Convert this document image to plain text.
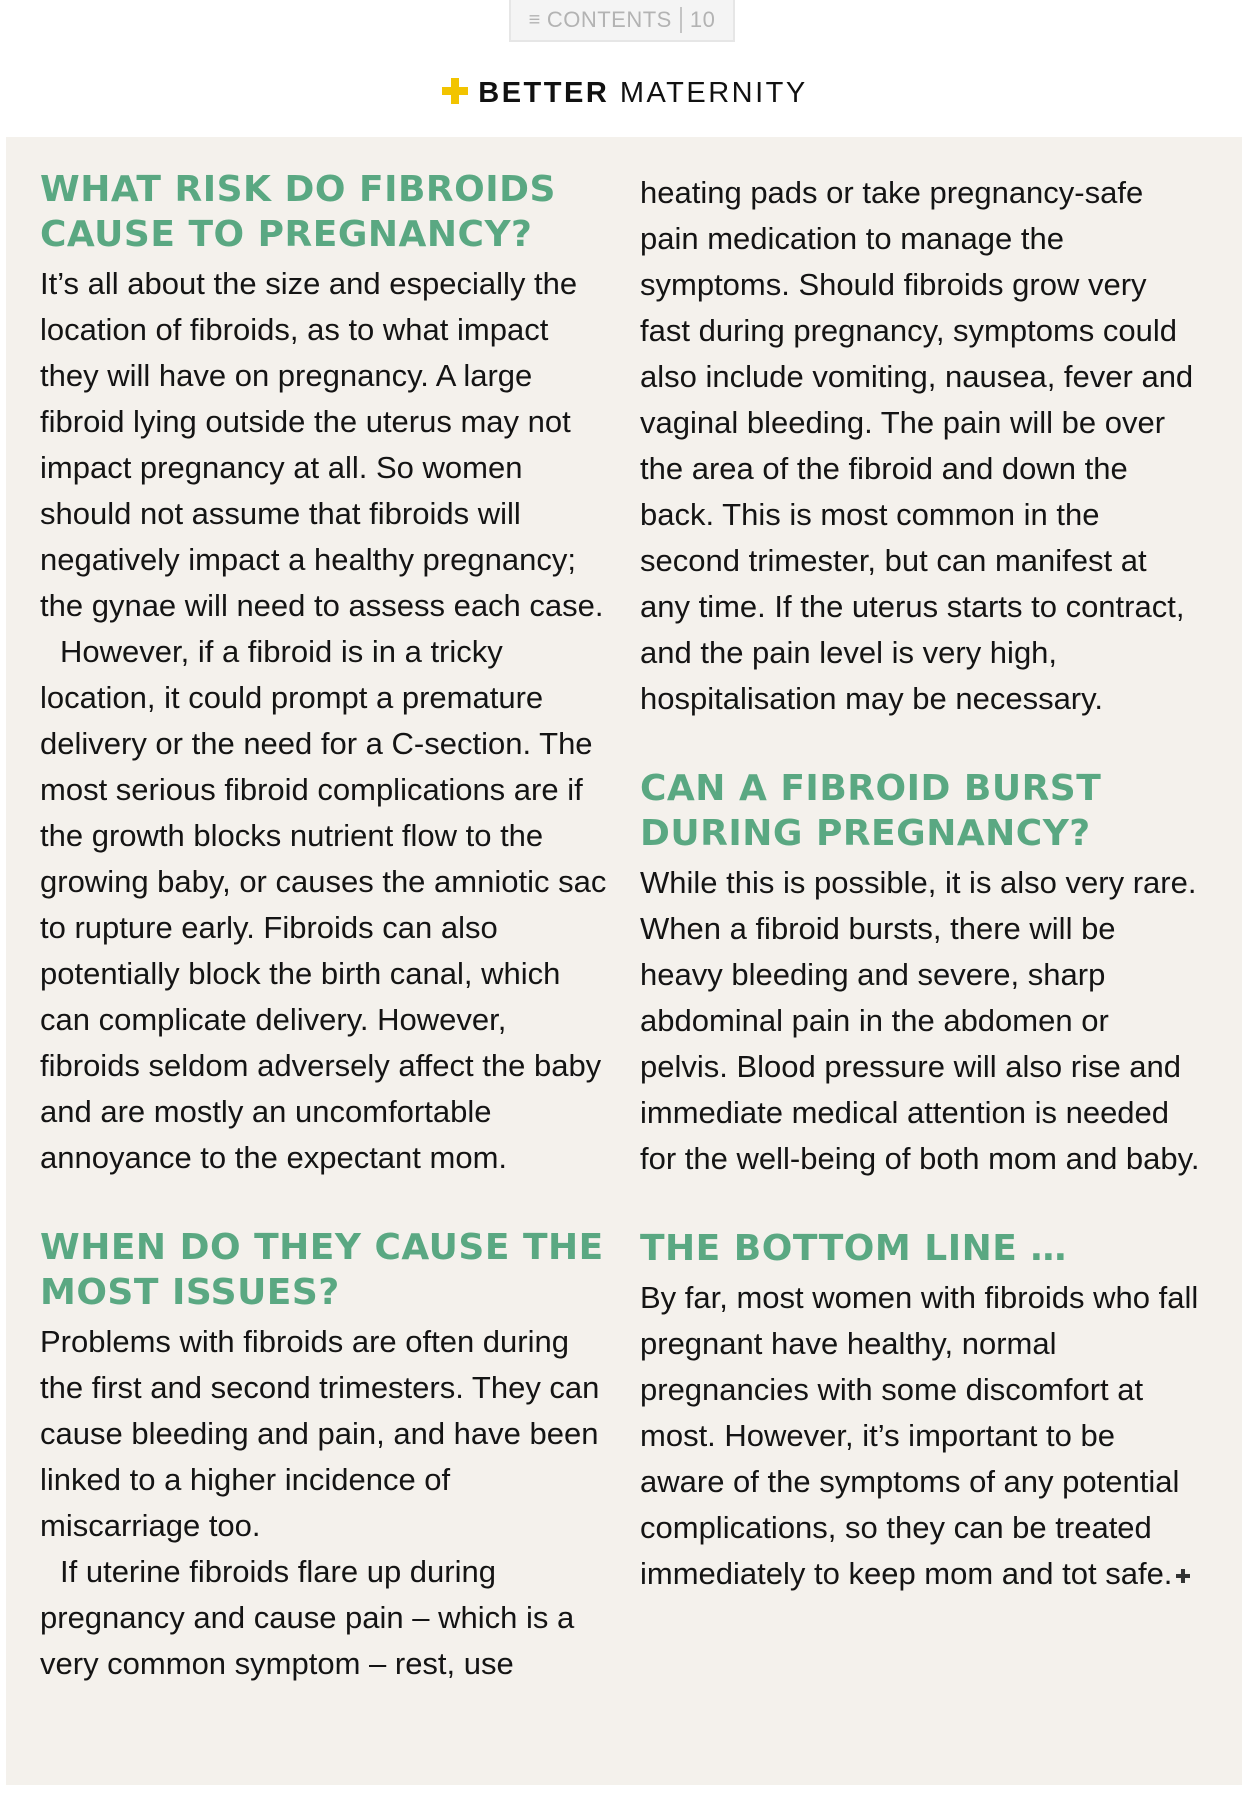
≡ CONTENTS 10
BETTER MATERNITY
WHAT RISK DO FIBROIDS CAUSE TO PREGNANCY?

It’s all about the size and especially the location of fibroids, as to what impact they will have on pregnancy. A large fibroid lying outside the uterus may not impact pregnancy at all. So women should not assume that fibroids will negatively impact a healthy pregnancy; the gynae will need to assess each case.

However, if a fibroid is in a tricky location, it could prompt a premature delivery or the need for a C-section. The most serious fibroid complications are if the growth blocks nutrient flow to the growing baby, or causes the amniotic sac to rupture early. Fibroids can also potentially block the birth canal, which can complicate delivery. However, fibroids seldom adversely affect the baby and are mostly an uncomfortable annoyance to the expectant mom.

WHEN DO THEY CAUSE THE MOST ISSUES?

Problems with fibroids are often during the first and second trimesters. They can cause bleeding and pain, and have been linked to a higher incidence of miscarriage too.

If uterine fibroids flare up during pregnancy and cause pain – which is a very common symptom – rest, use

heating pads or take pregnancy-safe pain medication to manage the symptoms. Should fibroids grow very fast during pregnancy, symptoms could also include vomiting, nausea, fever and vaginal bleeding. The pain will be over the area of the fibroid and down the back. This is most common in the second trimester, but can manifest at any time. If the uterus starts to contract, and the pain level is very high, hospitalisation may be necessary.

CAN A FIBROID BURST DURING PREGNANCY?

While this is possible, it is also very rare. When a fibroid bursts, there will be heavy bleeding and severe, sharp abdominal pain in the abdomen or pelvis. Blood pressure will also rise and immediate medical attention is needed for the well-being of both mom and baby.

THE BOTTOM LINE …

By far, most women with fibroids who fall pregnant have healthy, normal pregnancies with some discomfort at most. However, it’s important to be aware of the symptoms of any potential complications, so they can be treated immediately to keep mom and tot safe.
